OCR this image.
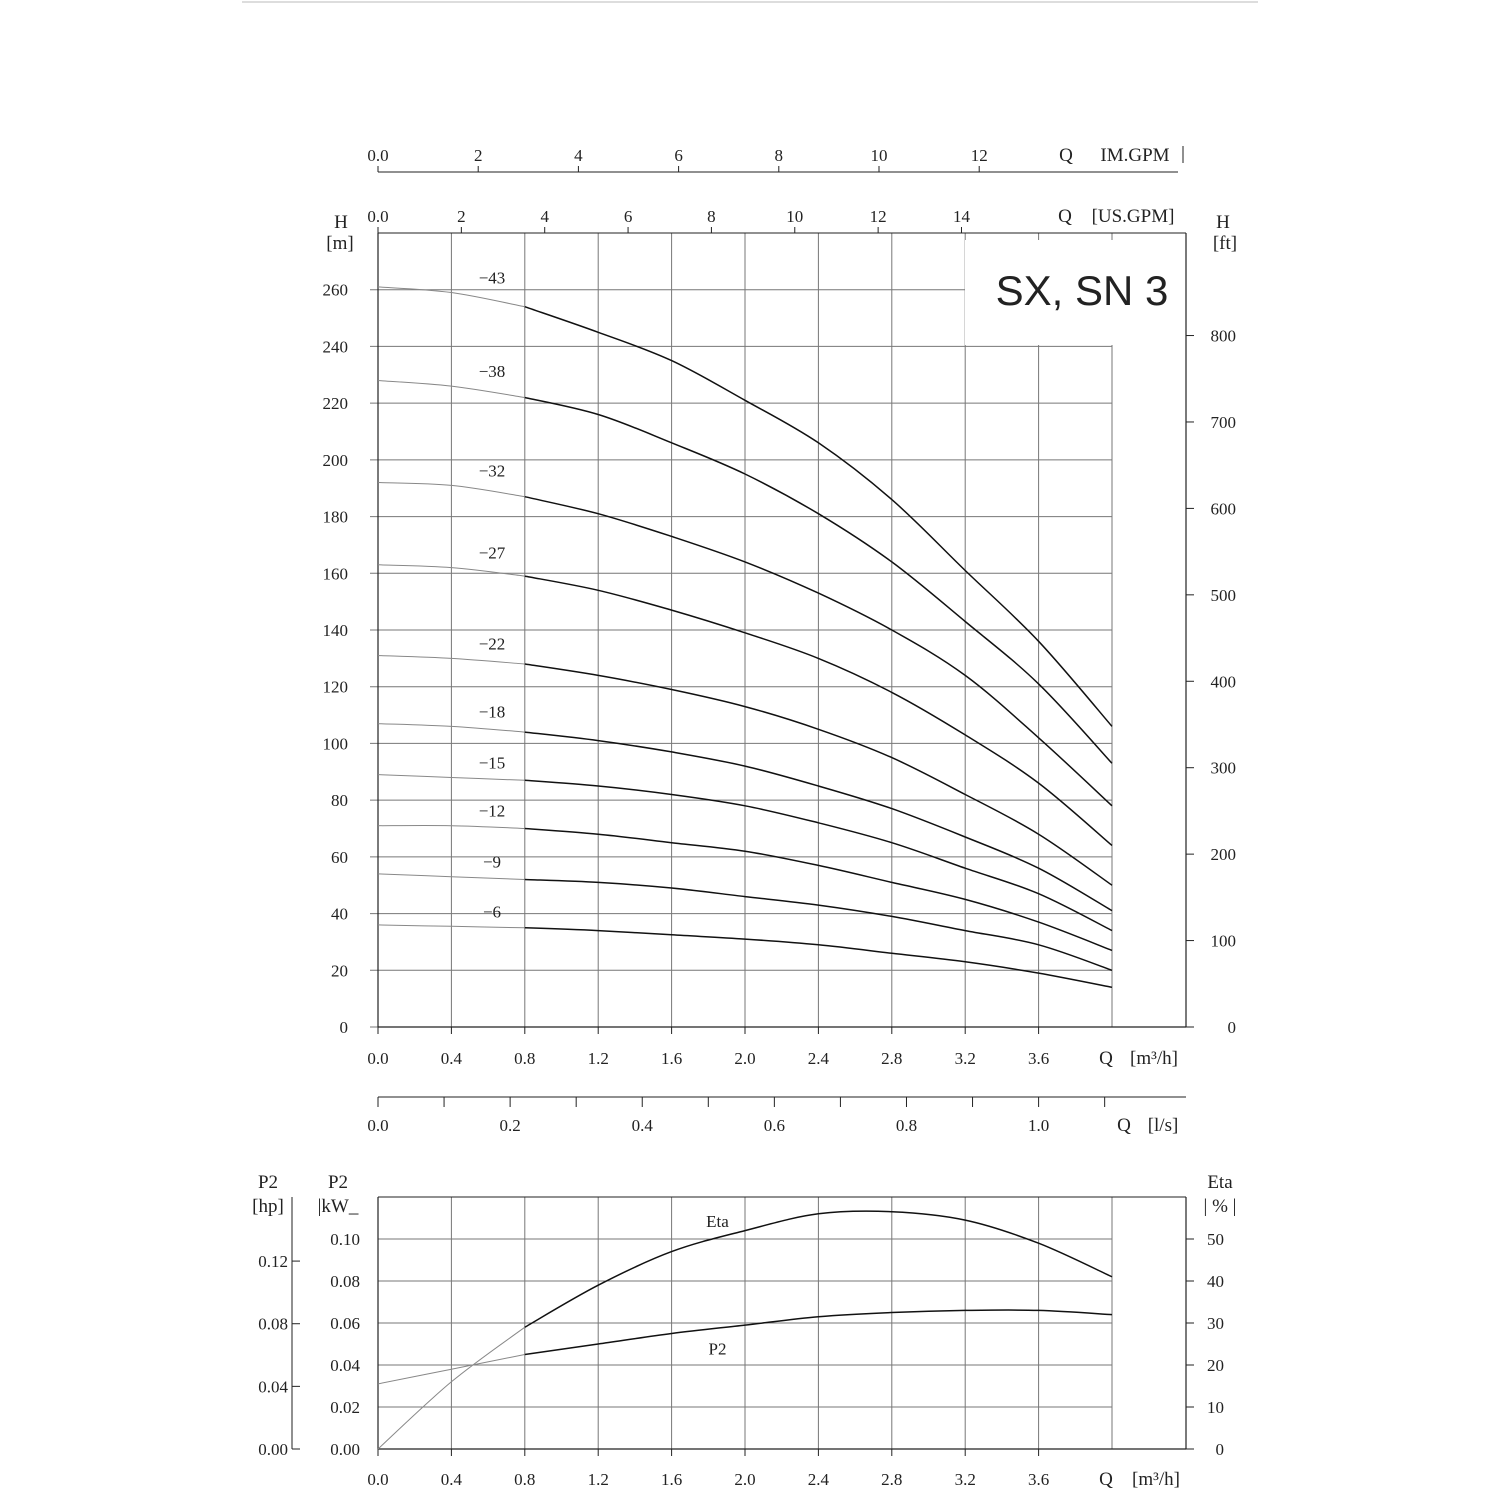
0
20
40
60
80
100
120
140
160
180
200
220
240
260
0.0	0.4	0.8	1.2	1.6	2.0	2.4	2.8	3.2	3.6	Q [m³/h]
H
[m]
0
100
200
300
400
500
600
700
800
H
[ft]
0.0	2	4	6	8	10	12	14	Q [US.GPM]
0.0	2	4	6	8	10	12	Q IM.GPM
−43
−38
−32
−27
−22
−18
−15
−12
−9
−6
SX, SN 3
0.0	0.2	0.4	0.6	0.8	1.0	Q [l/s]
0.00
0.02
0.04
0.06
0.08
0.10
P2
|kW_
0.00
0.04
0.08
0.12
P2
[hp]
0
10
20
30
40
50
Eta
| % |
0.0	0.4	0.8	1.2	1.6	2.0	2.4	2.8	3.2	3.6	Q [m³/h]
P2
Eta
